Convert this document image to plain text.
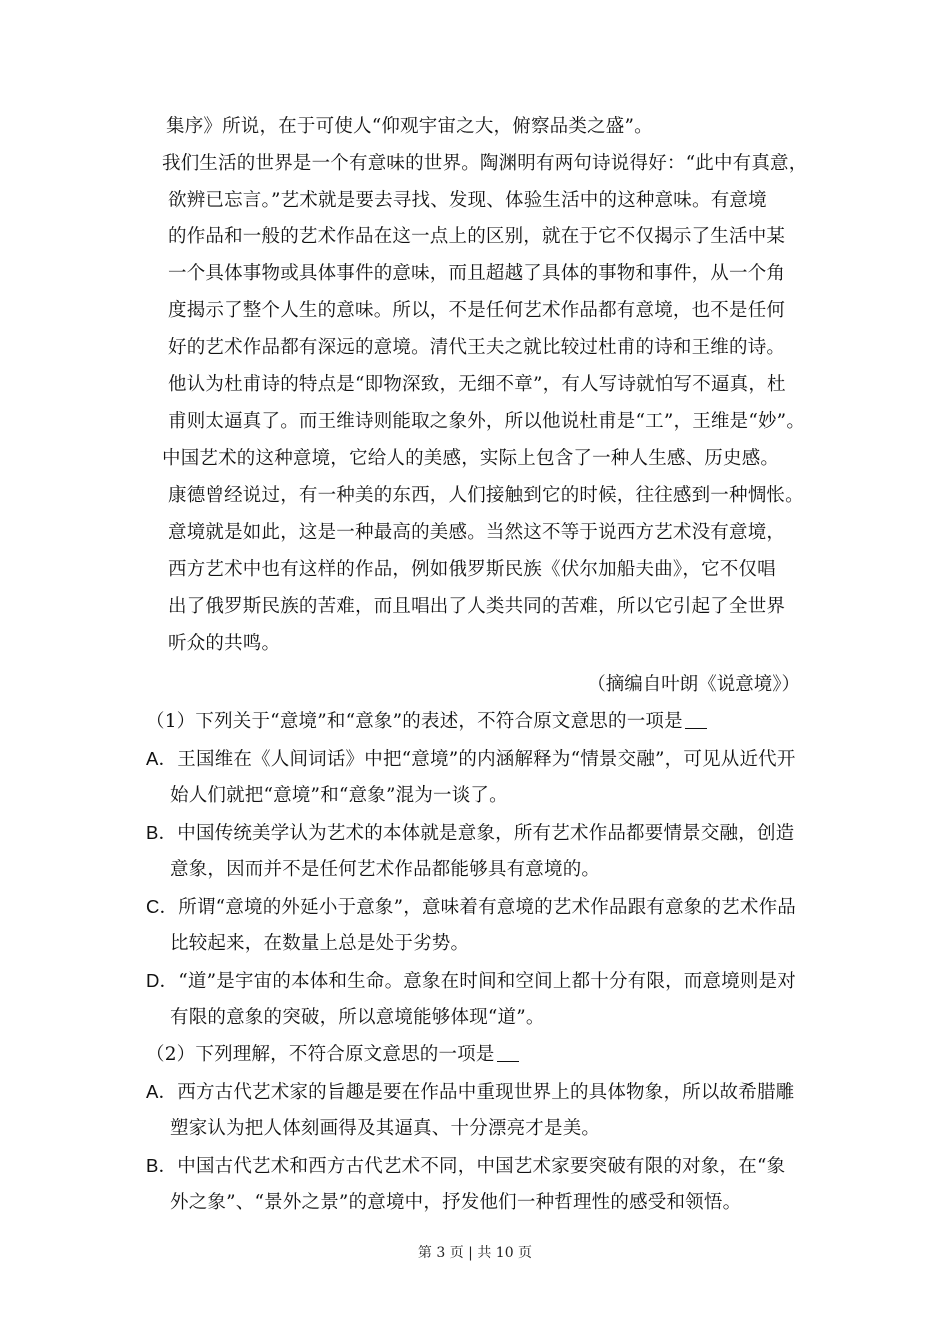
集序》所说，在于可使人“仰观宇宙之大，俯察品类之盛”。
我们生活的世界是一个有意味的世界。陶渊明有两句诗说得好：“此中有真意，
欲辨已忘言。”艺术就是要去寻找、发现、体验生活中的这种意味。有意境
的作品和一般的艺术作品在这一点上的区别，就在于它不仅揭示了生活中某
一个具体事物或具体事件的意味，而且超越了具体的事物和事件，从一个角
度揭示了整个人生的意味。所以，不是任何艺术作品都有意境，也不是任何
好的艺术作品都有深远的意境。清代王夫之就比较过杜甫的诗和王维的诗。
他认为杜甫诗的特点是“即物深致，无细不章”，有人写诗就怕写不逼真，杜
甫则太逼真了。而王维诗则能取之象外，所以他说杜甫是“工”，王维是“妙”。
中国艺术的这种意境，它给人的美感，实际上包含了一种人生感、历史感。
康德曾经说过，有一种美的东西，人们接触到它的时候，往往感到一种惆怅。
意境就是如此，这是一种最高的美感。当然这不等于说西方艺术没有意境，
西方艺术中也有这样的作品，例如俄罗斯民族《伏尔加船夫曲》，它不仅唱
出了俄罗斯民族的苦难，而且唱出了人类共同的苦难，所以它引起了全世界
听众的共鸣。
（摘编自叶朗《说意境》）
（1）下列关于“意境”和“意象”的表述，不符合原文意思的一项是
A．王国维在《人间词话》中把“意境”的内涵解释为“情景交融”，可见从近代开
始人们就把“意境”和“意象”混为一谈了。
B．中国传统美学认为艺术的本体就是意象，所有艺术作品都要情景交融，创造
意象，因而并不是任何艺术作品都能够具有意境的。
C．所谓“意境的外延小于意象”，意味着有意境的艺术作品跟有意象的艺术作品
比较起来，在数量上总是处于劣势。
D．“道”是宇宙的本体和生命。意象在时间和空间上都十分有限，而意境则是对
有限的意象的突破，所以意境能够体现“道”。
（2）下列理解，不符合原文意思的一项是
A．西方古代艺术家的旨趣是要在作品中重现世界上的具体物象，所以故希腊雕
塑家认为把人体刻画得及其逼真、十分漂亮才是美。
B．中国古代艺术和西方古代艺术不同，中国艺术家要突破有限的对象，在“象
外之象”、“景外之景”的意境中，抒发他们一种哲理性的感受和领悟。
第 3 页 | 共 10 页
